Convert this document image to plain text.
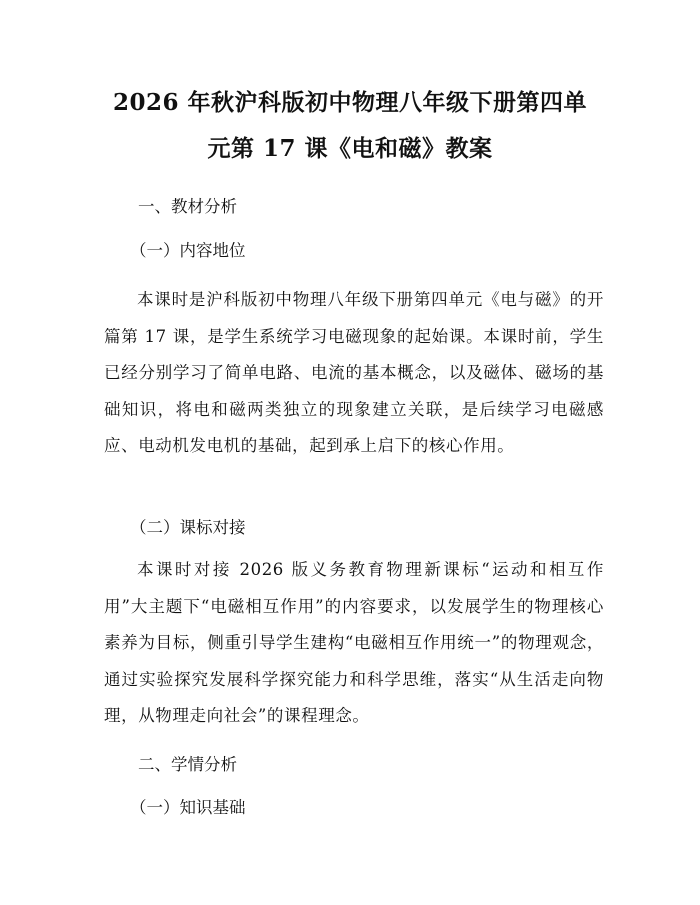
2026 年秋沪科版初中物理八年级下册第四单
元第 17 课《电和磁》教案
一、教材分析
（一）内容地位
本课时是沪科版初中物理八年级下册第四单元《电与磁》的开篇第 17 课，是学生系统学习电磁现象的起始课。本课时前，学生已经分别学习了简单电路、电流的基本概念，以及磁体、磁场的基础知识，将电和磁两类独立的现象建立关联，是后续学习电磁感应、电动机发电机的基础，起到承上启下的核心作用。
（二）课标对接
本课时对接 2026 版义务教育物理新课标“运动和相互作用”大主题下“电磁相互作用”的内容要求，以发展学生的物理核心素养为目标，侧重引导学生建构“电磁相互作用统一”的物理观念，通过实验探究发展科学探究能力和科学思维，落实“从生活走向物理，从物理走向社会”的课程理念。
二、学情分析
（一）知识基础
